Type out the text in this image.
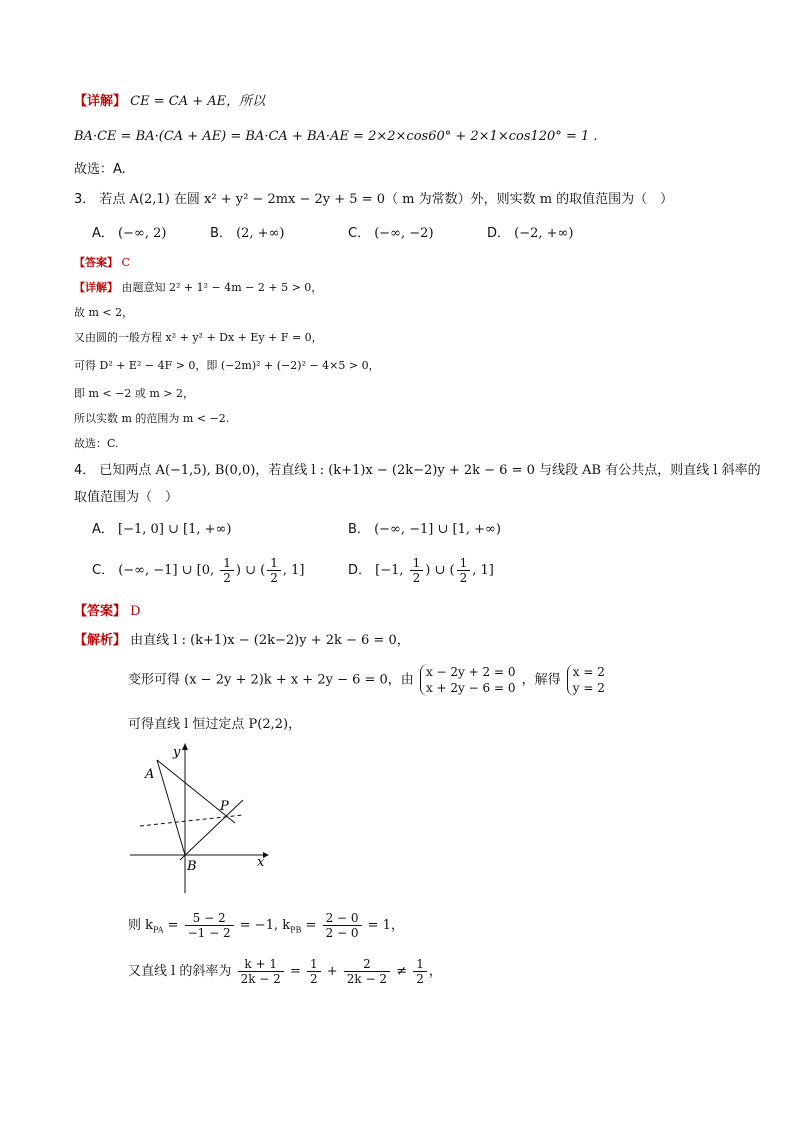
【详解】 CE = CA + AE，所以
BA·CE = BA·(CA + AE) = BA·CA + BA·AE = 2×2×cos60° + 2×1×cos120° = 1 .
故选：A.
3． 若点 A(2,1) 在圆 x² + y² − 2mx − 2y + 5 = 0（ m 为常数）外，则实数 m 的取值范围为（　）
A． (−∞, 2)	B． (2, +∞)	C． (−∞, −2)	D． (−2, +∞)
【答案】 C
【详解】 由题意知 2² + 1² − 4m − 2 + 5 > 0，
故 m < 2，
又由圆的一般方程 x² + y² + Dx + Ey + F = 0，
可得 D² + E² − 4F > 0，即 (−2m)² + (−2)² − 4×5 > 0，
即 m < −2 或 m > 2，
所以实数 m 的范围为 m < −2.
故选：C.
4． 已知两点 A(−1,5), B(0,0)，若直线 l : (k+1)x − (2k−2)y + 2k − 6 = 0 与线段 AB 有公共点，则直线 l 斜率的
取值范围为（　）
A． [−1, 0] ∪ [1, +∞)	B． (−∞, −1] ∪ [1, +∞)
C． (−∞, −1] ∪ [0, $\frac{1}{2}$ ) ∪ ( $\frac{1}{2}$ , 1]	D． [−1, $\frac{1}{2}$ ) ∪ ( $\frac{1}{2}$ , 1]
【答案】 D
【解析】 由直线 l : (k+1)x − (2k−2)y + 2k − 6 = 0，
变形可得 (x − 2y + 2)k + x + 2y − 6 = 0，由
x − 2y + 2 = 0
x + 2y − 6 = 0
，解得
x = 2
y = 2
可得直线 l 恒过定点 P(2,2)，
y
A
P
B	x
则 $k_{PA} = \frac{5 - 2}{-1 - 2} = -1$, $k_{PB} = \frac{2 - 0}{2 - 0} = 1$，
又直线 l 的斜率为 $\frac{k + 1}{2k - 2} = \frac{1}{2} + \frac{2}{2k - 2} \ne \frac{1}{2}$ ，
